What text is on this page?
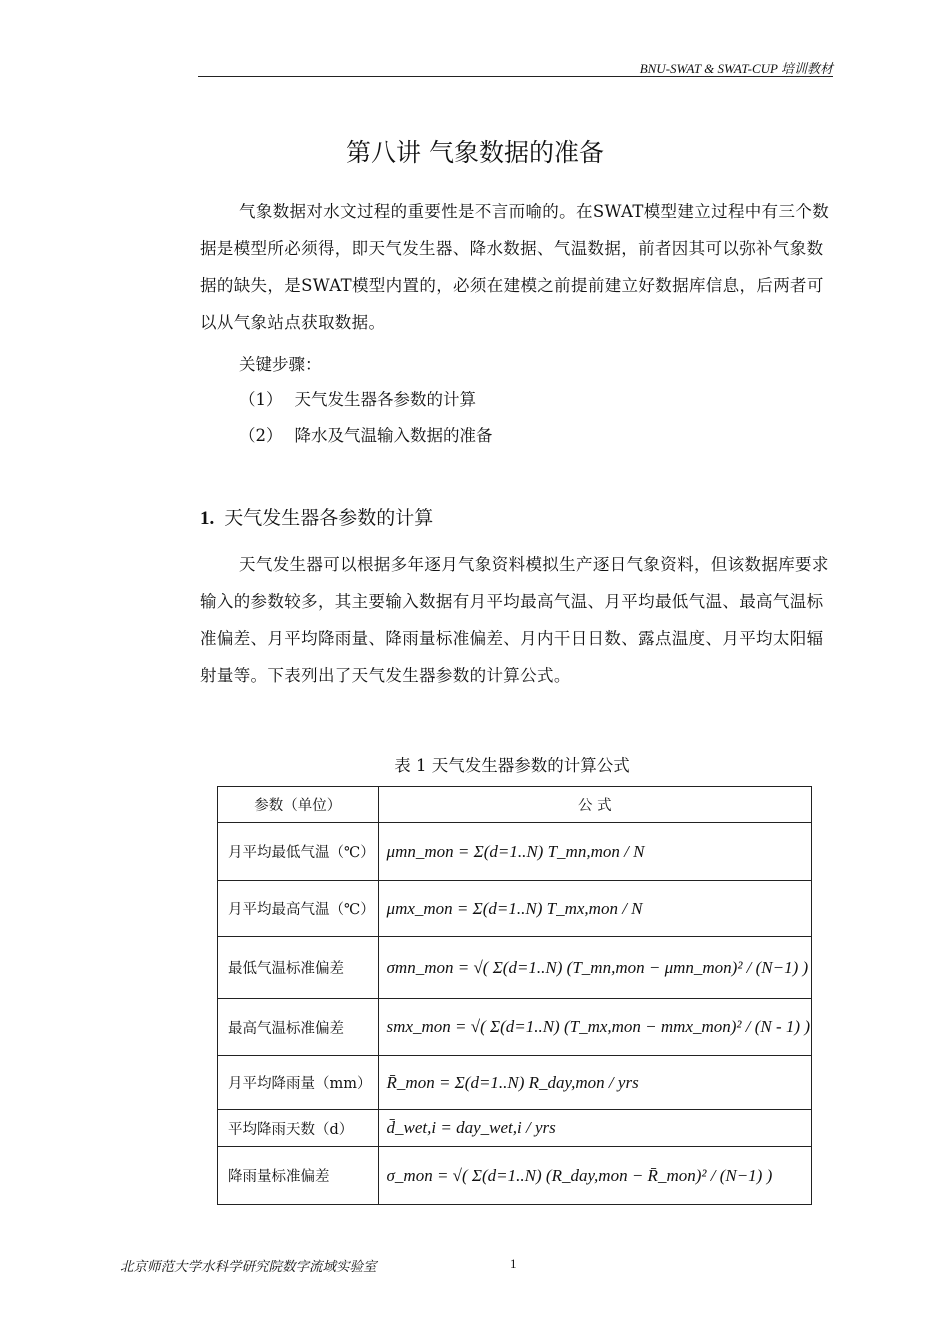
BNU-SWAT & SWAT-CUP 培训教材
第八讲 气象数据的准备

气象数据对水文过程的重要性是不言而喻的。在SWAT模型建立过程中有三个数据是模型所必须得，即天气发生器、降水数据、气温数据，前者因其可以弥补气象数据的缺失，是SWAT模型内置的，必须在建模之前提前建立好数据库信息，后两者可以从气象站点获取数据。

关键步骤：
（1） 天气发生器各参数的计算
（2） 降水及气温输入数据的准备
1. 天气发生器各参数的计算

天气发生器可以根据多年逐月气象资料模拟生产逐日气象资料，但该数据库要求输入的参数较多，其主要输入数据有月平均最高气温、月平均最低气温、最高气温标准偏差、月平均降雨量、降雨量标准偏差、月内干日日数、露点温度、月平均太阳辐射量等。下表列出了天气发生器参数的计算公式。

表 1 天气发生器参数的计算公式
参数（单位）	公 式
月平均最低气温（℃）	μmn_mon = Σ(d=1..N) T_mn,mon / N
月平均最高气温（℃）	μmx_mon = Σ(d=1..N) T_mx,mon / N
最低气温标准偏差	σmn_mon = √( Σ(d=1..N) (T_mn,mon − μmn_mon)² / (N−1) )
最高气温标准偏差	smx_mon = √( Σ(d=1..N) (T_mx,mon − mmx_mon)² / (N - 1) )
月平均降雨量（mm）	R̄_mon = Σ(d=1..N) R_day,mon / yrs
平均降雨天数（d）	d̄_wet,i = day_wet,i / yrs
降雨量标准偏差	σ_mon = √( Σ(d=1..N) (R_day,mon − R̄_mon)² / (N−1) )
北京师范大学水科学研究院数字流域实验室	1
